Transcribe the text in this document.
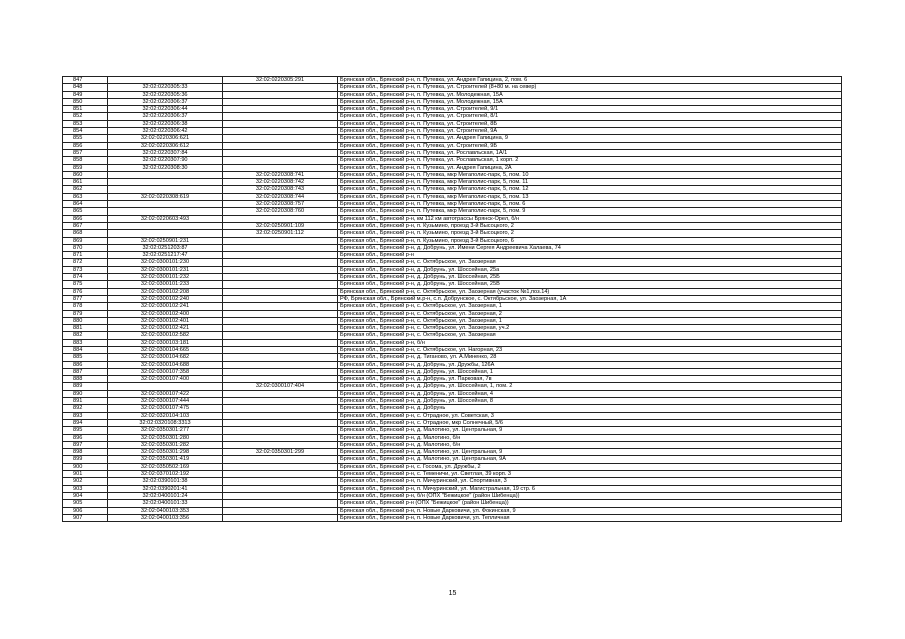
847		32:02:0220305:291	Брянская обл., Брянский р-н, п. Путевка, ул. Андрея Гапицина, 2, пом. 6
848	32:02:0220305:33		Брянская обл., Брянский р-н, п. Путевка, ул. Строителей (8+80 м. на север)
849	32:02:0220305:36		Брянская обл., Брянский р-н, п. Путевка, ул. Молодежная, 15А
850	32:02:0220306:37		Брянская обл., Брянский р-н, п. Путевка, ул. Молодежная, 15А
851	32:02:0220306:44		Брянская обл., Брянский р-н, п. Путевка, ул. Строителей, 9/1
852	32:02:0220306:37		Брянская обл., Брянский р-н, п. Путевка, ул. Строителей, 8/1
853	32:02:0220306:38		Брянская обл., Брянский р-н, п. Путевка, ул. Строителей, 8Б
854	32:02:0220306:42		Брянская обл., Брянский р-н, п. Путевка, ул. Строителей, 9А
855	32:02:0220306:621		Брянская обл., Брянский р-н, п. Путевка, ул. Андрея Гапицина, 9
856	32:02:0220306:612		Брянская обл., Брянский р-н, п. Путевка, ул. Строителей, 9Б
857	32:02:0220307:84		Брянская обл., Брянский р-н, п. Путевка, ул. Рославльская, 1А/1
858	32:02:0220307:90		Брянская обл., Брянский р-н, п. Путевка, ул. Рославльская, 1 корп. 2
859	32:02:0220308:30		Брянская обл., Брянский р-н, п. Путевка, ул. Андрея Гапицина, 2А
860		32:02:0220308:741	Брянская обл., Брянский р-н, п. Путевка, мкр Мегаполис-парк, 5, пом. 10
861		32:02:0220308:742	Брянская обл., Брянский р-н, п. Путевка, мкр Мегаполис-парк, 5, пом. 11
862		32:02:0220308:743	Брянская обл., Брянский р-н, п. Путевка, мкр Мегаполис-парк, 5, пом. 12
863	32:02:0220308:619	32:02:0220308:744	Брянская обл., Брянский р-н, п. Путевка, мкр Мегаполис-парк, 5, пом. 13
864		32:02:0220308:757	Брянская обл., Брянский р-н, п. Путевка, мкр Мегаполис-парк, 5, пом. 6
865		32:02:0220308:760	Брянская обл., Брянский р-н, п. Путевка, мкр Мегаполис-парк, 5, пом. 9
866	32:02:0220603:493		Брянская обл., Брянский р-н, км 112 км автотрассы Брянск-Орел, б/н
867		32:02:0250901:109	Брянская обл., Брянский р-н, п. Кузьмино, проезд 3-й Высоцкого, 2
868		32:02:0250901:112	Брянская обл., Брянский р-н, п. Кузьмино, проезд 3-й Высоцкого, 2
869	32:02:0250901:231		Брянская обл., Брянский р-н, п. Кузьмино, проезд 3-й Высоцкого, 6
870	32:02:0251203:87		Брянская обл., Брянский р-н, д. Добрунь, ул. Имени Сергея Андреевича Халаева, 74
871	32:02:0251217:47		Брянская обл., Брянский р-н
872	32:02:0300101:230		Брянская обл., Брянский р-н, с. Октябрьское, ул. Заозерная
873	32:02:0300101:231		Брянская обл., Брянский р-н, д. Добрунь, ул. Шоссейная, 25а
874	32:02:0300101:232		Брянская обл., Брянский р-н, д. Добрунь, ул. Шоссейная, 25Б
875	32:02:0300101:233		Брянская обл., Брянский р-н, д. Добрунь, ул. Шоссейная, 25В
876	32:02:0300102:208		Брянская обл., Брянский р-н, с. Октябрьское, ул. Заозерная (участок №1,поз.14)
877	32:02:0300102:240		РФ, Брянская обл., Брянский м.р-н, с.п. Добрунское, с. Октябрьское, ул. Заозерная, 1А
878	32:02:0300102:241		Брянская обл., Брянский р-н, с. Октябрьское, ул. Заозерная, 1
879	32:02:0300102:400		Брянская обл., Брянский р-н, с. Октябрьское, ул. Заозерная, 2
880	32:02:0300102:401		Брянская обл., Брянский р-н, с. Октябрьское, ул. Заозерная, 1
881	32:02:0300102:421		Брянская обл., Брянский р-н, с. Октябрьское, ул. Заозерная, уч.2
882	32:02:0300102:582		Брянская обл., Брянский р-н, с. Октябрьское, ул. Заозерная
883	32:02:0300103:181		Брянская обл., Брянский р-н, б/н
884	32:02:0300104:665		Брянская обл., Брянский р-н, с. Октябрьское, ул. Нагорная, 23
885	32:02:0300104:682		Брянская обл., Брянский р-н, д. Тиганово, ул. А.Миненко, 28
886	32:02:0300104:688		Брянская обл., Брянский р-н, д. Добрунь, ул. Дружбы, 126А
887	32:02:0300107:358		Брянская обл., Брянский р-н, д. Добрунь, ул. Шоссейная, 1
888	32:02:0300107:400		Брянская обл., Брянский р-н, д. Добрунь, ул. Парковая, 7в
889		32:02:0300107:404	Брянская обл., Брянский р-н, д. Добрунь, ул. Шоссейная, 1, пом. 2
890	32:02:0300107:422		Брянская обл., Брянский р-н, д. Добрунь, ул. Шоссейная, 4
891	32:02:0300107:444		Брянская обл., Брянский р-н, д. Добрунь, ул. Шоссейная, 8
892	32:02:0300107:475		Брянская обл., Брянский р-н, д. Добрунь
893	32:02:0320104:103		Брянская обл., Брянский р-н, с. Отрадное, ул. Советская, 3
894	32:02:0320108:3313		Брянская обл., Брянский р-н, с. Отрадное, мкр Солнечный, 5/6
895	32:02:0350301:277		Брянская обл., Брянский р-н, д. Малотино, ул. Центральная, 9
896	32:02:0350301:280		Брянская обл., Брянский р-н, д. Малотино, б/н
897	32:02:0350301:282		Брянская обл., Брянский р-н, д. Малотино, б/н
898	32:02:0350301:298	32:02:0350301:299	Брянская обл., Брянский р-н, д. Малотино, ул. Центральная, 9
899	32:02:0350301:419		Брянская обл., Брянский р-н, д. Малотино, ул. Центральная, 9А
900	32:02:0350502:169		Брянская обл., Брянский р-н, с. Госома, ул. Дружбы, 2
901	32:02:0370102:192		Брянская обл., Брянский р-н, с. Теменичи, ул. Светлая, 39 корп. 3
902	32:02:0390101:38		Брянская обл., Брянский р-н, п. Мичуринский, ул. Спортивная, 3
903	32:02:0390201:41		Брянская обл., Брянский р-н, п. Мичуринский, ул. Магистральная, 19 стр. 6
904	32:02:0400101:24		Брянская обл., Брянский р-н, б/н (ОПХ "Бежицкое" (район Шибенца))
905	32:02:0400101:33		Брянская обл., Брянский р-н (ОПХ "Бежицкое" (район Шибенца))
906	32:02:0400103:353		Брянская обл., Брянский р-н, п. Новые Дарковичи, ул. Фокинская, 9
907	32:02:0400103:356		Брянская обл., Брянский р-н, п. Новые Дарковичи, ул. Тепличная
15
